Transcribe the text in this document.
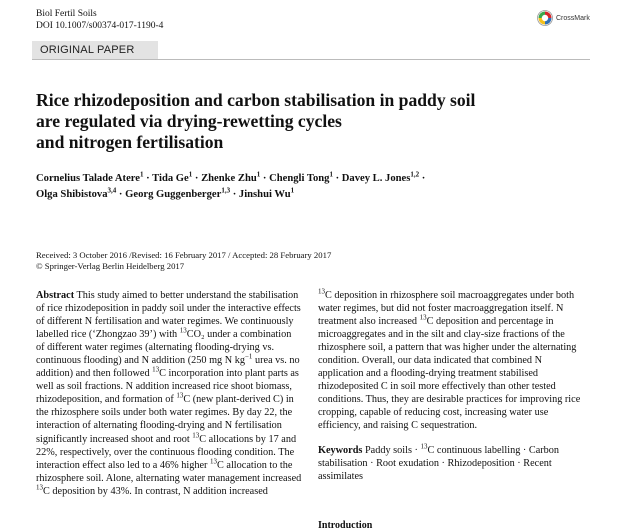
Biol Fertil Soils
DOI 10.1007/s00374-017-1190-4
CrossMark
ORIGINAL PAPER
Rice rhizodeposition and carbon stabilisation in paddy soil
are regulated via drying-rewetting cycles
and nitrogen fertilisation
Cornelius Talade Atere$^1$ · Tida $Ge^1$ · Zhenke Zhu$^1$ · Chengli Tong$^1$ · Davey L. Jones$^{1,2}$ ·
Olga Shibistova$^{3,4}$ · Georg Guggenberger$^{1,3}$ · Jinshui Wu$^1$
Received: 3 October 2016 /Revised: 16 February 2017 / Accepted: 28 February 2017
© Springer-Verlag Berlin Heidelberg 2017

Abstract This study aimed to better understand the stabilisation of rice rhizodeposition in paddy soil under the interactive effects of different N fertilisation and water regimes. We continuously labelled rice (‘Zhongzao 39’) with $^{13}$CO₂ under a combination of different water regimes (alternating flooding-drying vs. continuous flooding) and N addition (250 mg N $kg^{-1}$ urea vs. no addition) and then followed $^{13}$C incorporation into plant parts as well as soil fractions. N addition increased rice shoot biomass, rhizodeposition, and formation of $^{13}$C (new plant-derived C) in the rhizosphere soils under both water regimes. By day 22, the interaction of alternating flooding-drying and N fertilisation significantly increased shoot and root $^{13}$C allocations by 17 and 22%, respectively, over the continuous flooding condition. The interaction effect also led to a 46% higher $^{13}$C allocation to the rhizosphere soil. Alone, alternating water management increased $^{13}$C deposition by 43%. In contrast, N addition increased

$^{13}$C deposition in rhizosphere soil macroaggregates under both water regimes, but did not foster macroaggregation itself. N treatment also increased $^{13}$C deposition and percentage in microaggregates and in the silt and clay-size fractions of the rhizosphere soil, a pattern that was higher under the alternating condition. Overall, our data indicated that combined N application and a flooding-drying treatment stabilised rhizodeposited C in soil more effectively than other tested conditions. Thus, they are desirable practices for improving rice cropping, capable of reducing cost, increasing water use efficiency, and raising C sequestration.

Keywords Paddy soils · $^{13}$C continuous labelling · Carbon stabilisation · Root exudation · Rhizodeposition · Recent assimilates

Introduction
